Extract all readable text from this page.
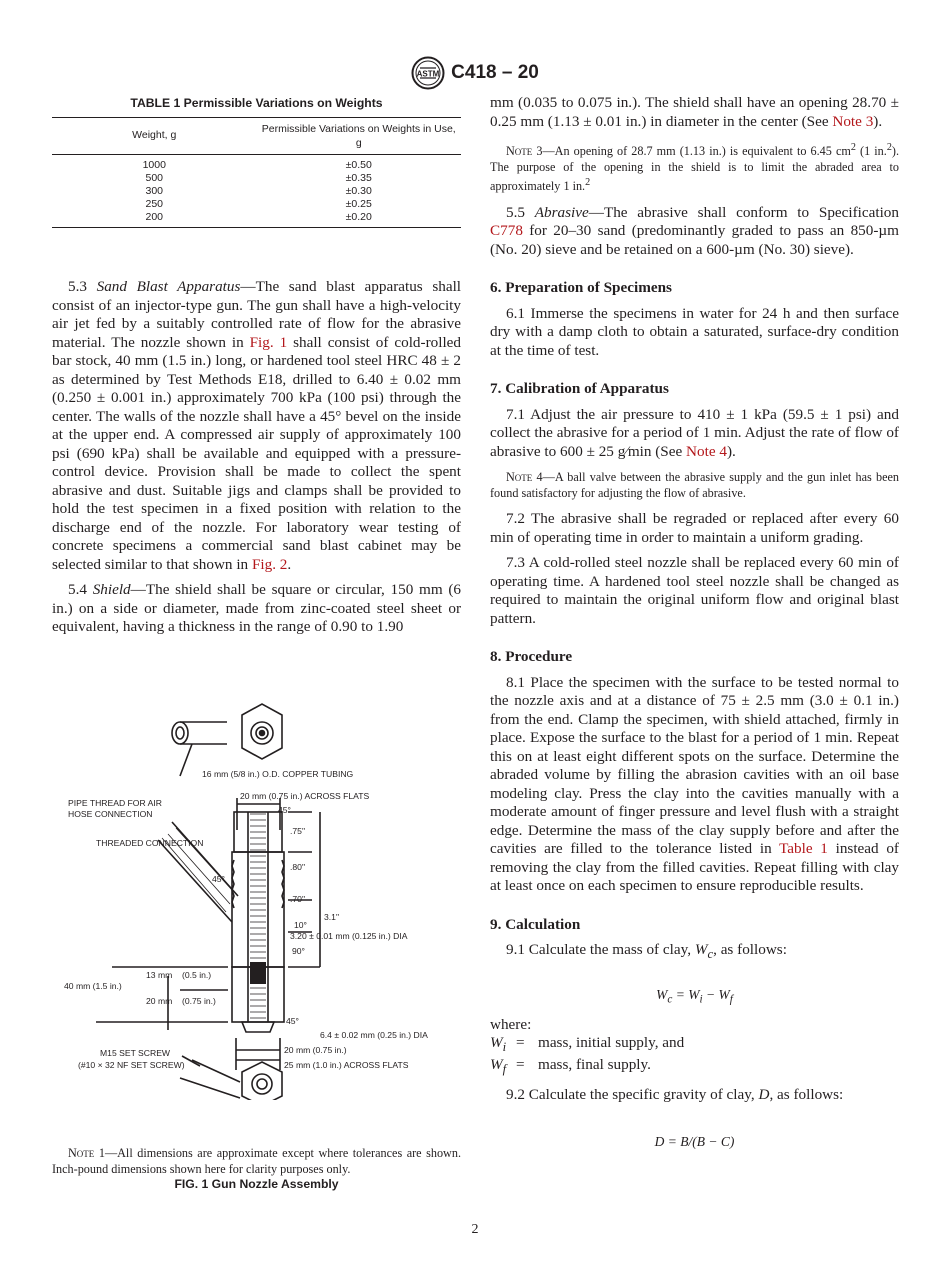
ASTM C418 – 20
TABLE 1 Permissible Variations on Weights
Weight, g	Permissible Variations on Weights in Use, g
1000	±0.50
500	±0.35
300	±0.30
250	±0.25
200	±0.20

5.3 Sand Blast Apparatus—The sand blast apparatus shall consist of an injector-type gun. The gun shall have a high-velocity air jet fed by a suitably controlled rate of flow for the abrasive material. The nozzle shown in Fig. 1 shall consist of cold-rolled bar stock, 40 mm (1.5 in.) long, or hardened tool steel HRC 48 ± 2 as determined by Test Methods E18, drilled to 6.40 ± 0.02 mm (0.250 ± 0.001 in.) approximately 700 kPa (100 psi) through the center. The walls of the nozzle shall have a 45° bevel on the inside at the upper end. A compressed air supply of approximately 100 psi (690 kPa) shall be available and equipped with a pressure-control device. Provision shall be made to collect the spent abrasive and dust. Suitable jigs and clamps shall be provided to hold the test specimen in a fixed position with relation to the discharge end of the nozzle. For laboratory wear testing of concrete specimens a commercial sand blast cabinet may be selected similar to that shown in Fig. 2.

5.4 Shield—The shield shall be square or circular, 150 mm (6 in.) on a side or diameter, made from zinc-coated steel sheet or equivalent, having a thickness in the range of 0.90 to 1.90

16 mm (5/8 in.) O.D. COPPER TUBING
PIPE THREAD FOR AIR
HOSE CONNECTION
20 mm (0.75 in.) ACROSS FLATS
45°
.75"
THREADED CONNECTION
.80"
45°
.70"
3.1"
10°
3.20 ± 0.01 mm (0.125 in.) DIA
90°
13 mm (0.5 in.)
40 mm (1.5 in.)
20 mm (0.75 in.)
45°
6.4 ± 0.02 mm (0.25 in.) DIA
20 mm (0.75 in.)
25 mm (1.0 in.) ACROSS FLATS
M15 SET SCREW
(#10 × 32 NF SET SCREW)

Note 1—All dimensions are approximate except where tolerances are shown. Inch-pound dimensions shown here for clarity purposes only.

FIG. 1 Gun Nozzle Assembly

mm (0.035 to 0.075 in.). The shield shall have an opening 28.70 ± 0.25 mm (1.13 ± 0.01 in.) in diameter in the center (See Note 3).

Note 3—An opening of 28.7 mm (1.13 in.) is equivalent to 6.45 $cm^2$ (1 in.$^2$). The purpose of the opening in the shield is to limit the abraded area to approximately 1 in.$^2$

5.5 Abrasive—The abrasive shall conform to Specification C778 for 20–30 sand (predominantly graded to pass an 850-µm (No. 20) sieve and be retained on a 600-µm (No. 30) sieve).

6. Preparation of Specimens

6.1 Immerse the specimens in water for 24 h and then surface dry with a damp cloth to obtain a saturated, surface-dry condition at the time of test.

7. Calibration of Apparatus

7.1 Adjust the air pressure to 410 ± 1 kPa (59.5 ± 1 psi) and collect the abrasive for a period of 1 min. Adjust the rate of flow of abrasive to 600 ± 25 g⁄min (See Note 4).

Note 4—A ball valve between the abrasive supply and the gun inlet has been found satisfactory for adjusting the flow of abrasive.

7.2 The abrasive shall be regraded or replaced after every 60 min of operating time in order to maintain a uniform grading.

7.3 A cold-rolled steel nozzle shall be replaced every 60 min of operating time. A hardened tool steel nozzle shall be changed as required to maintain the original uniform flow and original blast pattern.

8. Procedure

8.1 Place the specimen with the surface to be tested normal to the nozzle axis and at a distance of 75 ± 2.5 mm (3.0 ± 0.1 in.) from the end. Clamp the specimen, with shield attached, firmly in place. Expose the surface to the blast for a period of 1 min. Repeat this on at least eight different spots on the surface. Determine the abraded volume by filling the abrasion cavities with an oil base modeling clay. Press the clay into the cavities manually with a moderate amount of finger pressure and level flush with a straight edge. Determine the mass of the clay supply before and after the cavities are filled to the tolerance listed in Table 1 instead of removing the clay from the filled cavities. Repeat filling with clay at least once on each specimen to ensure reproducible results.

9. Calculation

9.1 Calculate the mass of clay, $W_c$, as follows:

$W_c = W_i - W_f$

where:

$W_i$ = mass, initial supply, and
$W_f$ = mass, final supply.

9.2 Calculate the specific gravity of clay, D, as follows:

D = B/(B − C)

2
